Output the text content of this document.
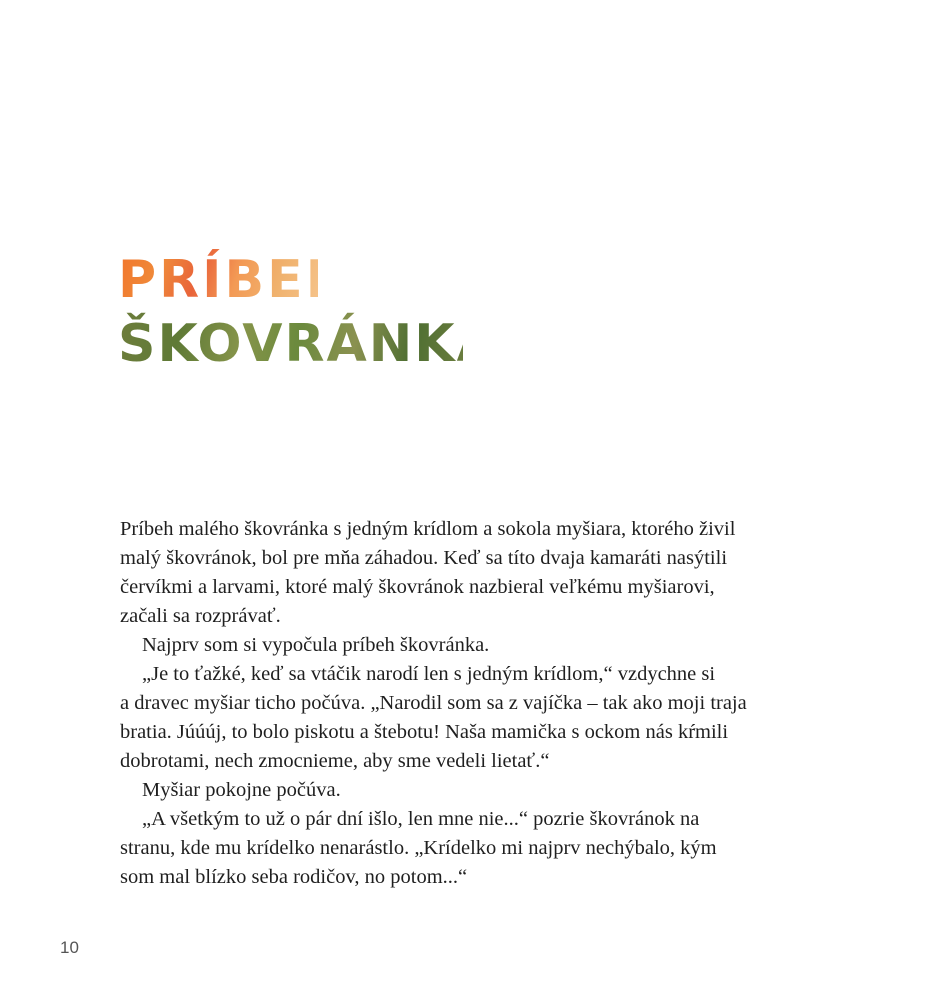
PRÍBEH
ŠKOVRÁNKA
Príbeh malého škovránka s jedným krídlom a sokola myšiara, ktorého živil
malý škovránok, bol pre mňa záhadou. Keď sa títo dvaja kamaráti nasýtili
červíkmi a larvami, ktoré malý škovránok nazbieral veľkému myšiarovi,
začali sa rozprávať.
Najprv som si vypočula príbeh škovránka.
„Je to ťažké, keď sa vtáčik narodí len s jedným krídlom,“ vzdychne si
a dravec myšiar ticho počúva. „Narodil som sa z vajíčka – tak ako moji traja
bratia. Júúúj, to bolo piskotu a štebotu! Naša mamička s ockom nás kŕmili
dobrotami, nech zmocnieme, aby sme vedeli lietať.“
Myšiar pokojne počúva.
„A všetkým to už o pár dní išlo, len mne nie...“ pozrie škovránok na
stranu, kde mu krídelko nenarástlo. „Krídelko mi najprv nechýbalo, kým
som mal blízko seba rodičov, no potom...“
10
